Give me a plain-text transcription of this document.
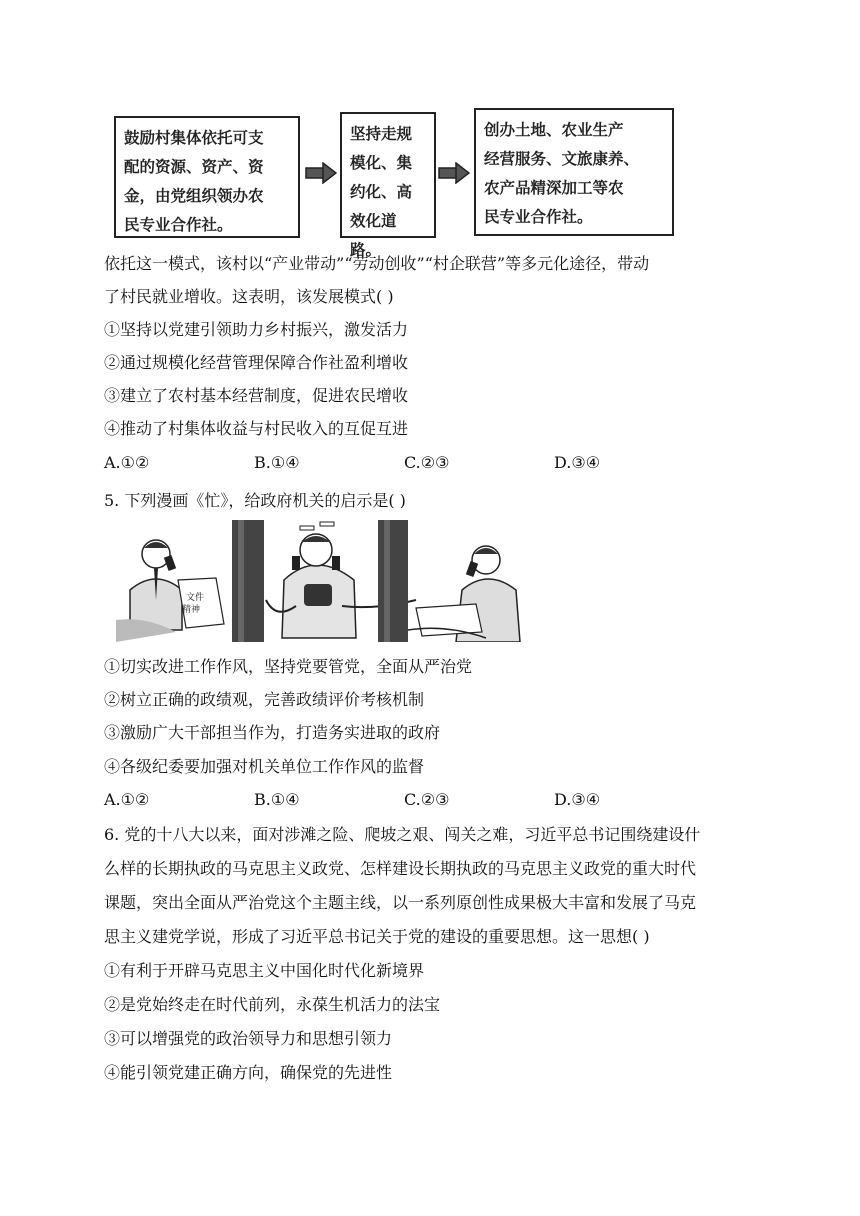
鼓励村集体依托可支
配的资源、资产、资
金，由党组织领办农
民专业合作社。
坚持走规
模化、集
约化、高
效化道路。
创办土地、农业生产
经营服务、文旅康养、
农产品精深加工等农
民专业合作社。
依托这一模式，该村以“产业带动”“劳动创收”“村企联营”等多元化途径，带动
了村民就业增收。这表明，该发展模式( )
①坚持以党建引领助力乡村振兴，激发活力
②通过规模化经营管理保障合作社盈利增收
③建立了农村基本经营制度，促进农民增收
④推动了村集体收益与村民收入的互促互进
A.①②	B.①④	C.②③	D.③④
5. 下列漫画《忙》，给政府机关的启示是( )
文件
精神
①切实改进工作作风，坚持党要管党，全面从严治党
②树立正确的政绩观，完善政绩评价考核机制
③激励广大干部担当作为，打造务实进取的政府
④各级纪委要加强对机关单位工作作风的监督
A.①②	B.①④	C.②③	D.③④
6. 党的十八大以来，面对涉滩之险、爬坡之艰、闯关之难，习近平总书记围绕建设什
么样的长期执政的马克思主义政党、怎样建设长期执政的马克思主义政党的重大时代
课题，突出全面从严治党这个主题主线，以一系列原创性成果极大丰富和发展了马克
思主义建党学说，形成了习近平总书记关于党的建设的重要思想。这一思想( )
①有利于开辟马克思主义中国化时代化新境界
②是党始终走在时代前列，永葆生机活力的法宝
③可以增强党的政治领导力和思想引领力
④能引领党建正确方向，确保党的先进性
